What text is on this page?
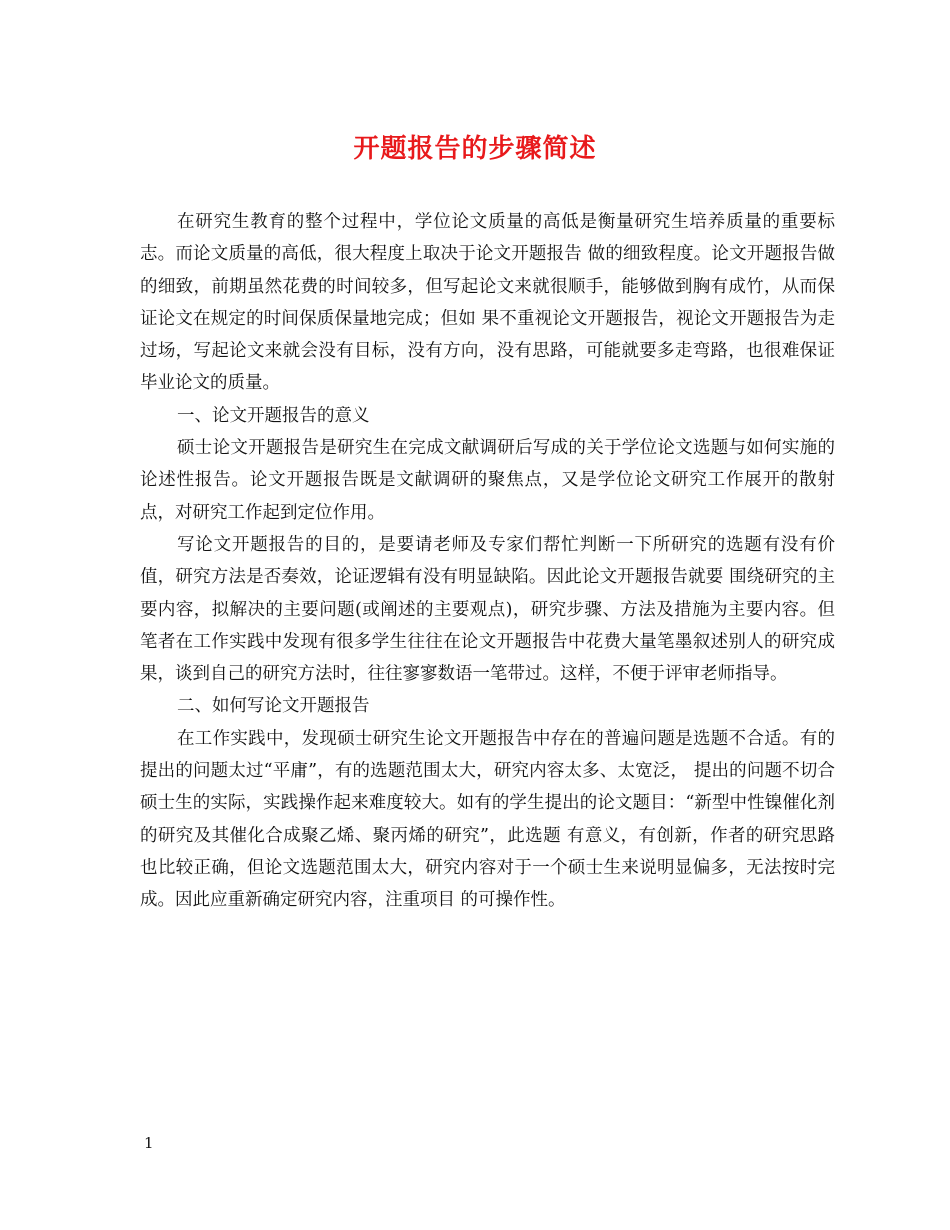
开题报告的步骤简述

在研究生教育的整个过程中，学位论文质量的高低是衡量研究生培养质量的重要标志。而论文质量的高低，很大程度上取决于论文开题报告 做的细致程度。论文开题报告做的细致，前期虽然花费的时间较多，但写起论文来就很顺手，能够做到胸有成竹，从而保证论文在规定的时间保质保量地完成；但如 果不重视论文开题报告，视论文开题报告为走过场，写起论文来就会没有目标，没有方向，没有思路，可能就要多走弯路，也很难保证毕业论文的质量。

一、论文开题报告的意义

硕士论文开题报告是研究生在完成文献调研后写成的关于学位论文选题与如何实施的论述性报告。论文开题报告既是文献调研的聚焦点，又是学位论文研究工作展开的散射点，对研究工作起到定位作用。

写论文开题报告的目的，是要请老师及专家们帮忙判断一下所研究的选题有没有价值，研究方法是否奏效，论证逻辑有没有明显缺陷。因此论文开题报告就要 围绕研究的主要内容，拟解决的主要问题(或阐述的主要观点)，研究步骤、方法及措施为主要内容。但笔者在工作实践中发现有很多学生往往在论文开题报告中花费大量笔墨叙述别人的研究成果，谈到自己的研究方法时，往往寥寥数语一笔带过。这样，不便于评审老师指导。

二、如何写论文开题报告

在工作实践中，发现硕士研究生论文开题报告中存在的普遍问题是选题不合适。有的提出的问题太过“平庸”，有的选题范围太大，研究内容太多、太宽泛， 提出的问题不切合硕士生的实际，实践操作起来难度较大。如有的学生提出的论文题目：“新型中性镍催化剂的研究及其催化合成聚乙烯、聚丙烯的研究”，此选题 有意义，有创新，作者的研究思路也比较正确，但论文选题范围太大，研究内容对于一个硕士生来说明显偏多，无法按时完成。因此应重新确定研究内容，注重项目 的可操作性。

1
